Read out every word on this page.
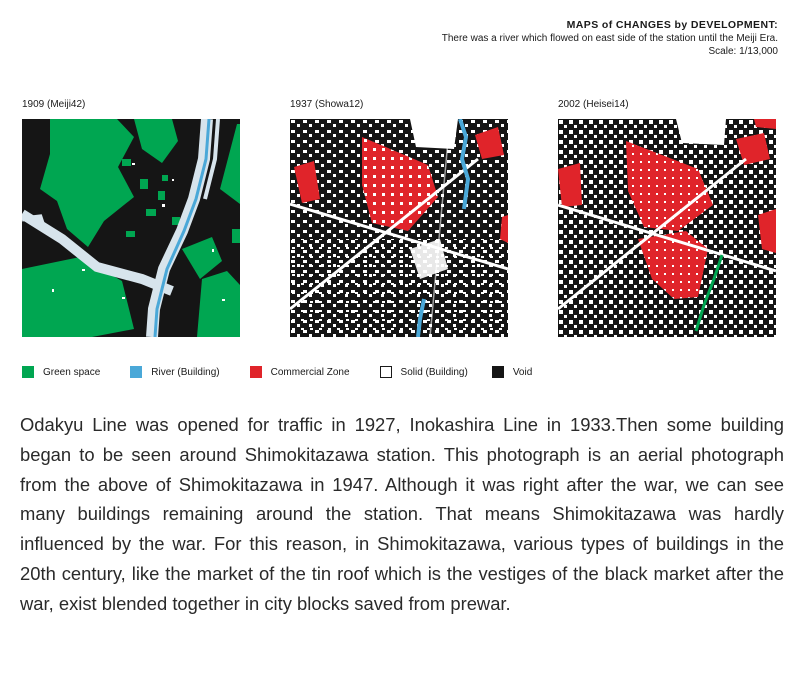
MAPS of CHANGES by DEVELOPMENT:
There was a river which flowed on east side of the station until the Meiji Era.
Scale: 1/13,000
1909 (Meiji42)	1937 (Showa12)	2002 (Heisei14)
Green space	River (Building)	Commercial Zone	Solid (Building)	Void
Odakyu Line was opened for traffic in 1927, Inokashira Line in 1933.Then some building began to be seen around Shimokitazawa station. This photograph is an aerial photograph from the above of Shimokitazawa in 1947. Although it was right after the war, we can see many buildings remaining around the station. That means Shimokitazawa was hardly influenced by the war. For this reason, in Shimokitazawa, various types of buildings in the 20th century, like the market of the tin roof which is the vestiges of the black market after the war, exist blended together in city blocks saved from prewar.
